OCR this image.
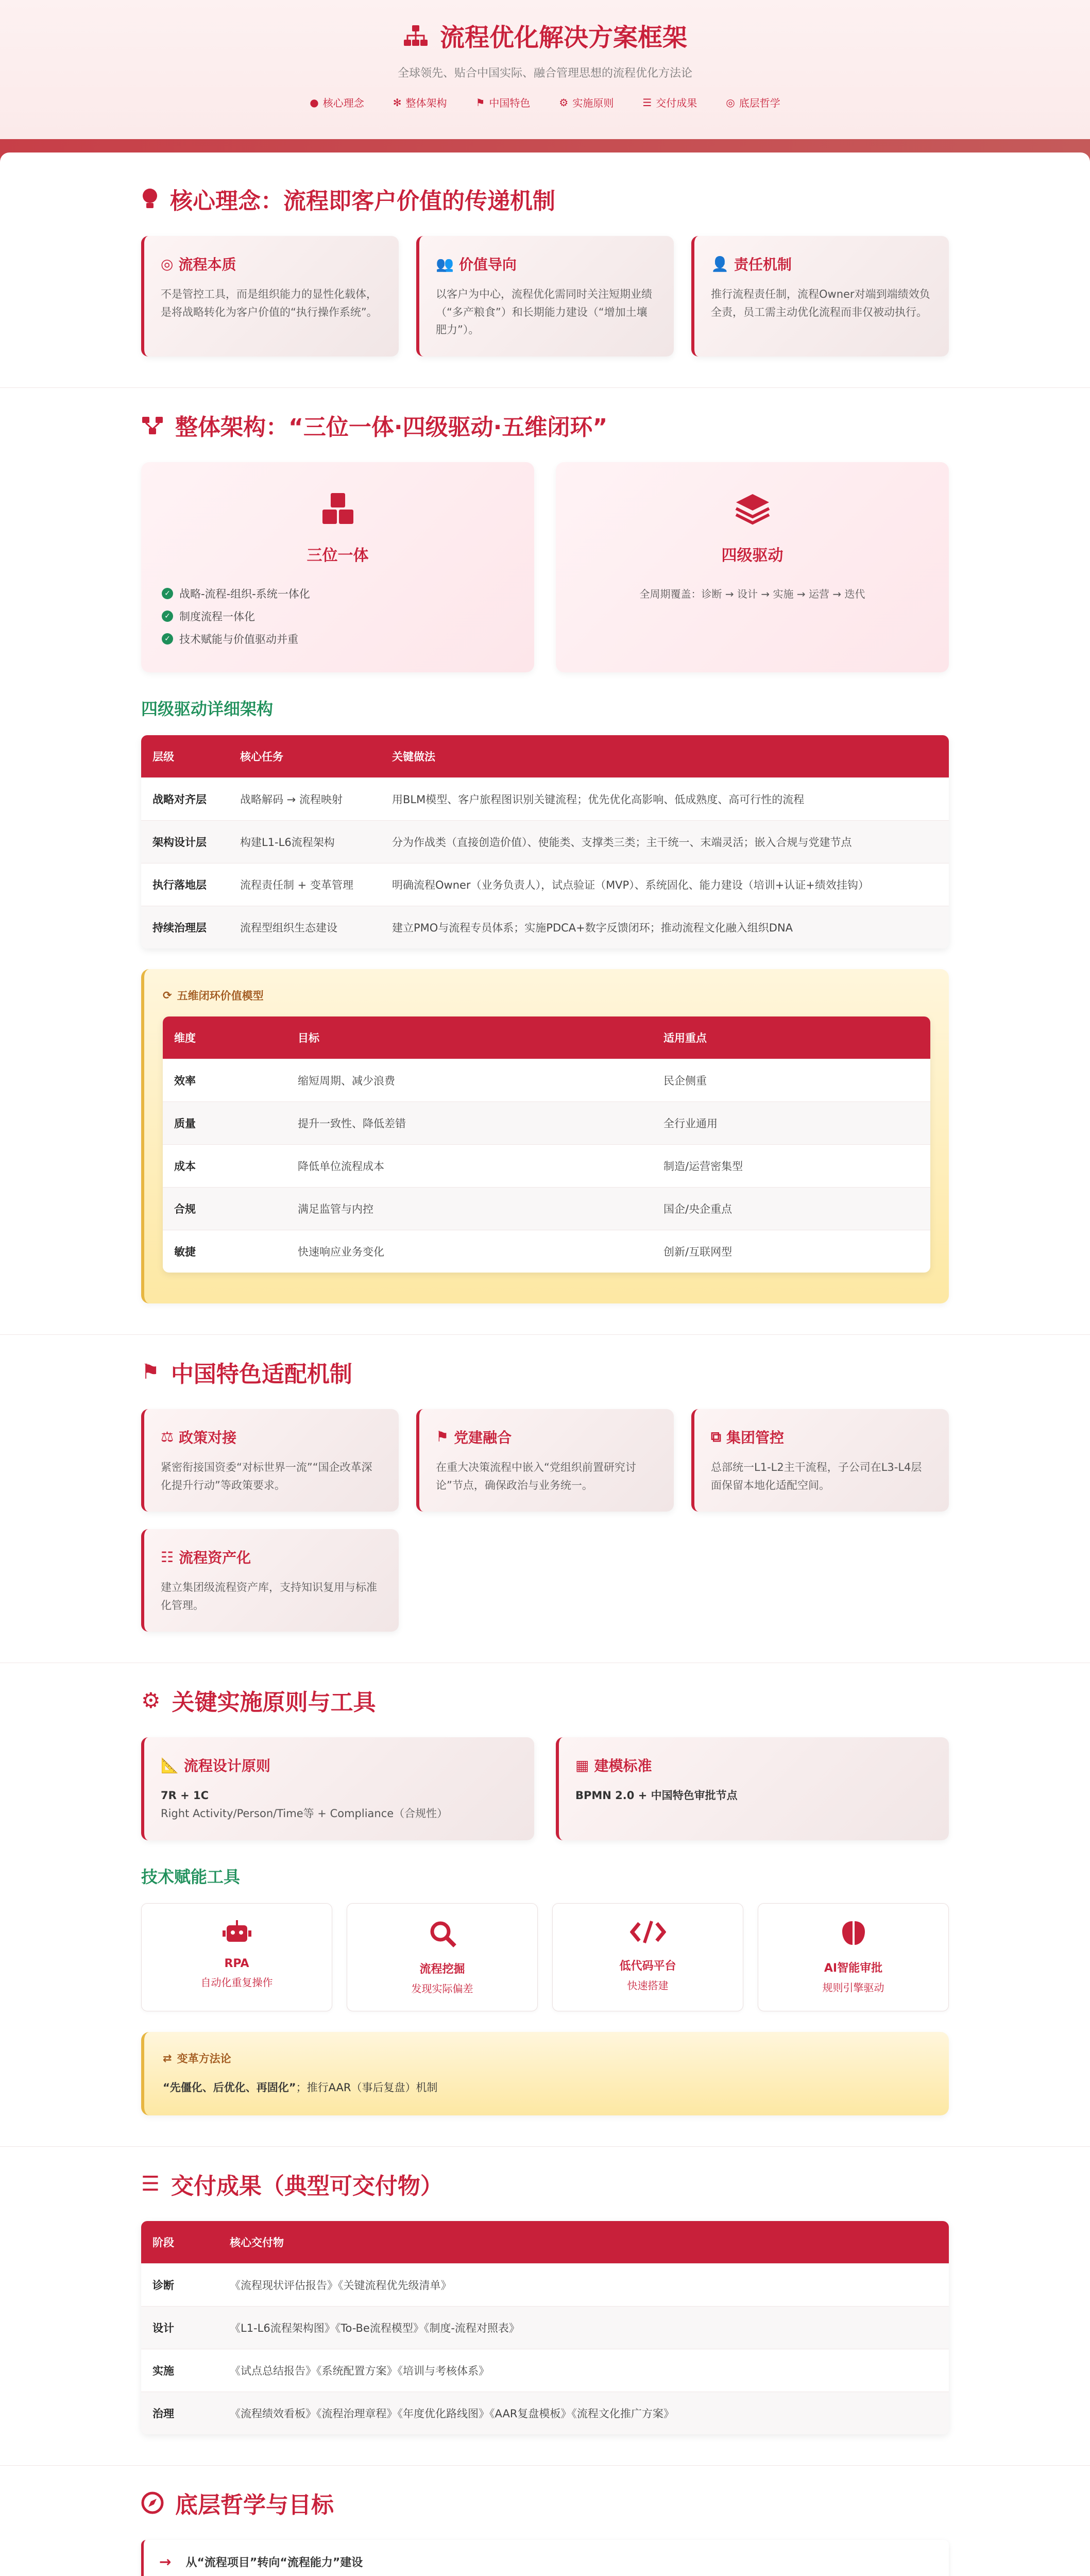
流程优化解决方案框架
全球领先、贴合中国实际、融合管理思想的流程优化方法论
● 核心理念	✻ 整体架构	⚑ 中国特色	⚙ 实施原则	☰ 交付成果	◎ 底层哲学
核心理念：流程即客户价值的传递机制
◎ 流程本质

不是管控工具，而是组织能力的显性化载体，是将战略转化为客户价值的“执行操作系统”。

👥 价值导向

以客户为中心，流程优化需同时关注短期业绩（“多产粮食”）和长期能力建设（“增加土壤肥力”）。

👤 责任机制

推行流程责任制，流程Owner对端到端绩效负全责，员工需主动优化流程而非仅被动执行。

整体架构：“三位一体·四级驱动·五维闭环”
三位一体
✓ 战略-流程-组织-系统一体化
✓ 制度流程一体化
✓ 技术赋能与价值驱动并重
四级驱动
全周期覆盖：诊断 → 设计 → 实施 → 运营 → 迭代
四级驱动详细架构
层级	核心任务	关键做法
战略对齐层	战略解码 → 流程映射	用BLM模型、客户旅程图识别关键流程；优先优化高影响、低成熟度、高可行性的流程
架构设计层	构建L1-L6流程架构	分为作战类（直接创造价值）、使能类、支撑类三类；主干统一、末端灵活；嵌入合规与党建节点
执行落地层	流程责任制 + 变革管理	明确流程Owner（业务负责人），试点验证（MVP）、系统固化、能力建设（培训+认证+绩效挂钩）
持续治理层	流程型组织生态建设	建立PMO与流程专员体系；实施PDCA+数字反馈闭环；推动流程文化融入组织DNA
⟳ 五维闭环价值模型
维度	目标	适用重点
效率	缩短周期、减少浪费	民企侧重
质量	提升一致性、降低差错	全行业通用
成本	降低单位流程成本	制造/运营密集型
合规	满足监管与内控	国企/央企重点
敏捷	快速响应业务变化	创新/互联网型
⚑ 中国特色适配机制
⚖ 政策对接

紧密衔接国资委“对标世界一流”“国企改革深化提升行动”等政策要求。

⚑ 党建融合

在重大决策流程中嵌入“党组织前置研究讨论”节点，确保政治与业务统一。

⧉ 集团管控

总部统一L1-L2主干流程，子公司在L3-L4层面保留本地化适配空间。

☷ 流程资产化

建立集团级流程资产库，支持知识复用与标准化管理。

⚙ 关键实施原则与工具
📐 流程设计原则

7R + 1C

Right Activity/Person/Time等 + Compliance（合规性）

▦ 建模标准

BPMN 2.0 + 中国特色审批节点

技术赋能工具
RPA
自动化重复操作
流程挖掘
发现实际偏差
低代码平台
快速搭建
AI智能审批
规则引擎驱动
⇄ 变革方法论
“先僵化、后优化、再固化”；推行AAR（事后复盘）机制
☰ 交付成果（典型可交付物）
阶段	核心交付物
诊断	《流程现状评估报告》《关键流程优先级清单》
设计	《L1-L6流程架构图》《To-Be流程模型》《制度-流程对照表》
实施	《试点总结报告》《系统配置方案》《培训与考核体系》
治理	《流程绩效看板》《流程治理章程》《年度优化路线图》《AAR复盘模板》《流程文化推广方案》
底层哲学与目标
→ 从“流程项目”转向“流程能力”建设
